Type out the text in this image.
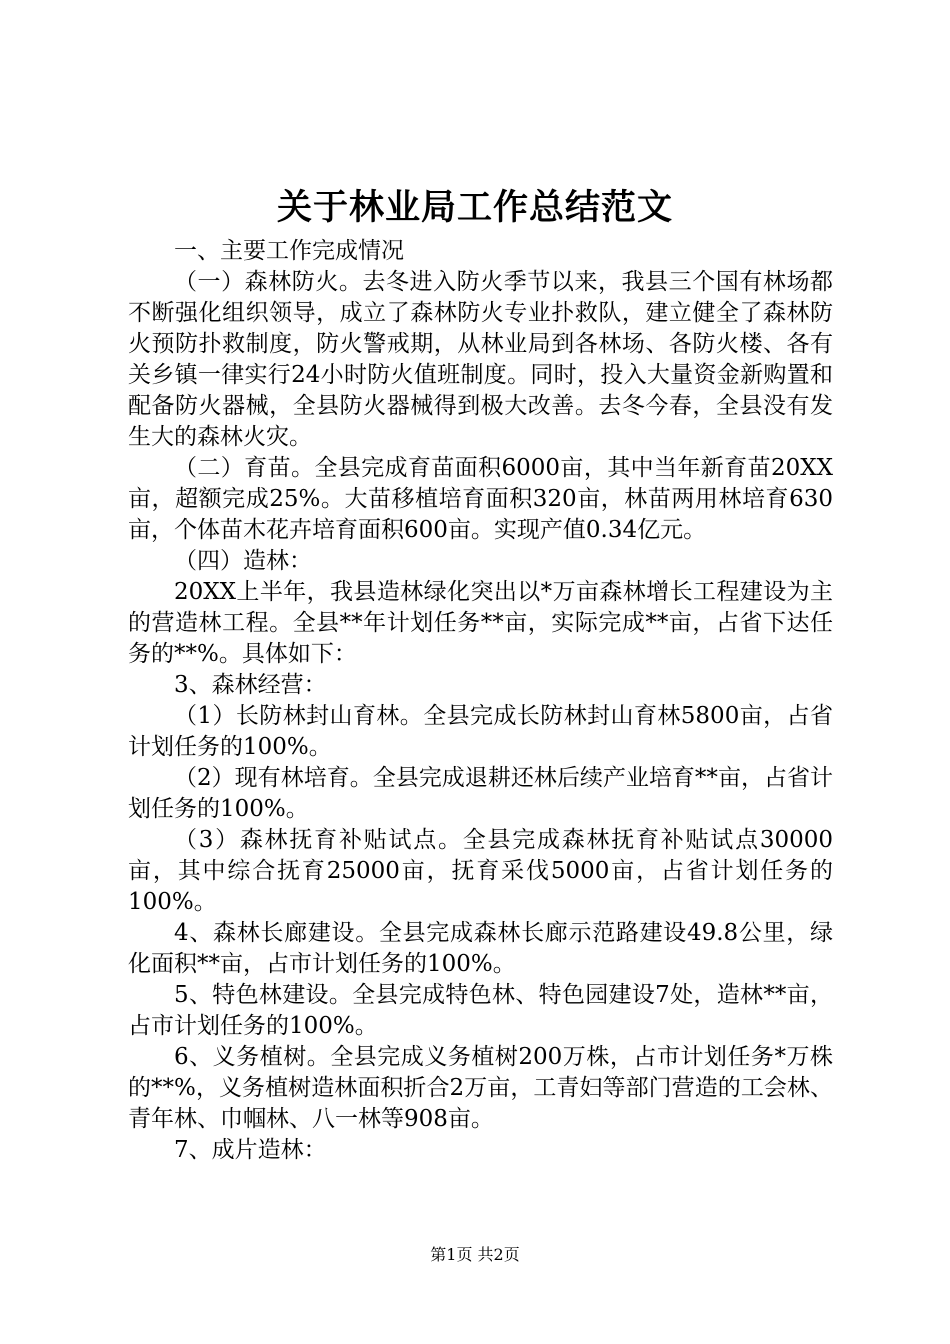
关于林业局工作总结范文

一、主要工作完成情况

（一）森林防火。去冬进入防火季节以来，我县三个国有林场都不断强化组织领导，成立了森林防火专业扑救队，建立健全了森林防火预防扑救制度，防火警戒期，从林业局到各林场、各防火楼、各有关乡镇一律实行24小时防火值班制度。同时，投入大量资金新购置和配备防火器械，全县防火器械得到极大改善。去冬今春，全县没有发生大的森林火灾。

（二）育苗。全县完成育苗面积6000亩，其中当年新育苗20XX亩，超额完成25%。大苗移植培育面积320亩，林苗两用林培育630亩，个体苗木花卉培育面积600亩。实现产值0.34亿元。

（四）造林：

20XX上半年，我县造林绿化突出以*万亩森林增长工程建设为主的营造林工程。全县**年计划任务**亩，实际完成**亩，占省下达任务的**%。具体如下：

3、森林经营：

（1）长防林封山育林。全县完成长防林封山育林5800亩，占省计划任务的100%。

（2）现有林培育。全县完成退耕还林后续产业培育**亩，占省计划任务的100%。

（3）森林抚育补贴试点。全县完成森林抚育补贴试点30000亩，其中综合抚育25000亩，抚育采伐5000亩，占省计划任务的100%。

4、森林长廊建设。全县完成森林长廊示范路建设49.8公里，绿化面积**亩，占市计划任务的100%。

5、特色林建设。全县完成特色林、特色园建设7处，造林**亩，占市计划任务的100%。

6、义务植树。全县完成义务植树200万株，占市计划任务*万株的**%，义务植树造林面积折合2万亩，工青妇等部门营造的工会林、青年林、巾帼林、八一林等908亩。

7、成片造林：

第1页 共2页
